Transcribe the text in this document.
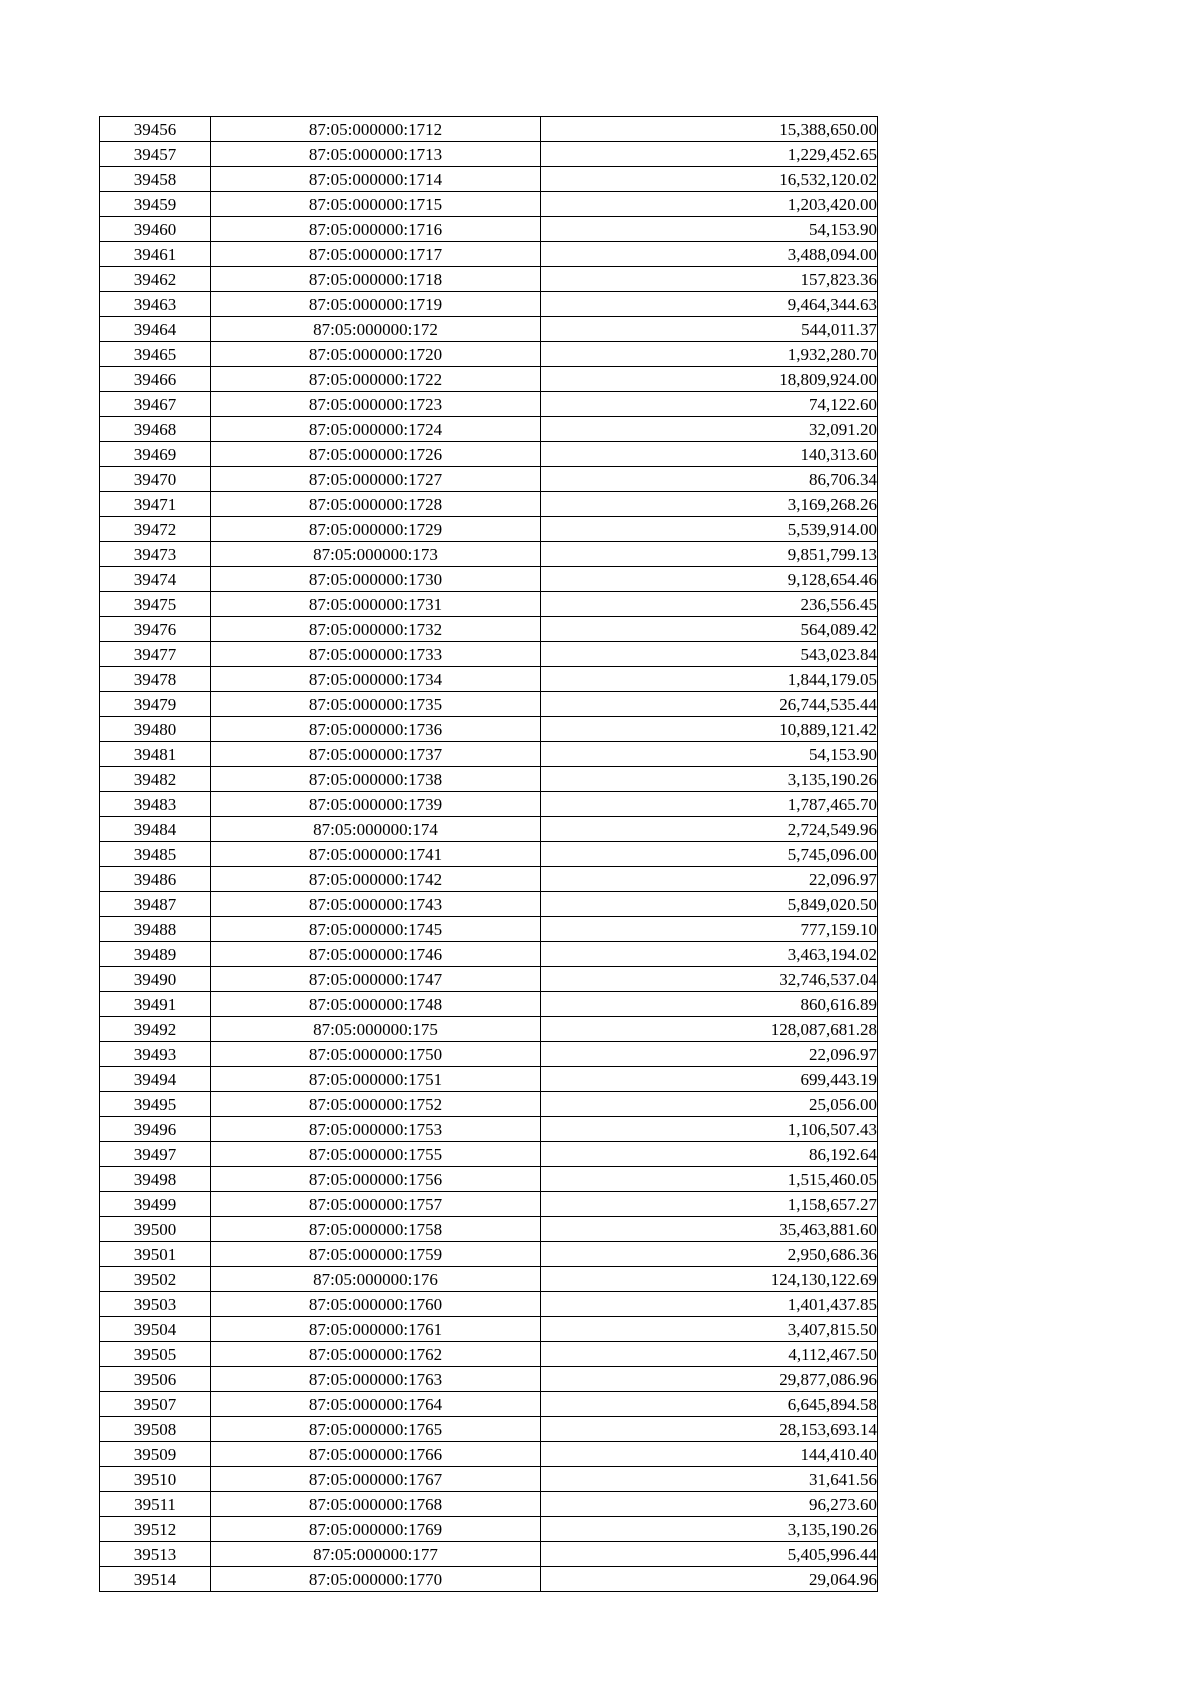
39456	87:05:000000:1712	15,388,650.00
39457	87:05:000000:1713	1,229,452.65
39458	87:05:000000:1714	16,532,120.02
39459	87:05:000000:1715	1,203,420.00
39460	87:05:000000:1716	54,153.90
39461	87:05:000000:1717	3,488,094.00
39462	87:05:000000:1718	157,823.36
39463	87:05:000000:1719	9,464,344.63
39464	87:05:000000:172	544,011.37
39465	87:05:000000:1720	1,932,280.70
39466	87:05:000000:1722	18,809,924.00
39467	87:05:000000:1723	74,122.60
39468	87:05:000000:1724	32,091.20
39469	87:05:000000:1726	140,313.60
39470	87:05:000000:1727	86,706.34
39471	87:05:000000:1728	3,169,268.26
39472	87:05:000000:1729	5,539,914.00
39473	87:05:000000:173	9,851,799.13
39474	87:05:000000:1730	9,128,654.46
39475	87:05:000000:1731	236,556.45
39476	87:05:000000:1732	564,089.42
39477	87:05:000000:1733	543,023.84
39478	87:05:000000:1734	1,844,179.05
39479	87:05:000000:1735	26,744,535.44
39480	87:05:000000:1736	10,889,121.42
39481	87:05:000000:1737	54,153.90
39482	87:05:000000:1738	3,135,190.26
39483	87:05:000000:1739	1,787,465.70
39484	87:05:000000:174	2,724,549.96
39485	87:05:000000:1741	5,745,096.00
39486	87:05:000000:1742	22,096.97
39487	87:05:000000:1743	5,849,020.50
39488	87:05:000000:1745	777,159.10
39489	87:05:000000:1746	3,463,194.02
39490	87:05:000000:1747	32,746,537.04
39491	87:05:000000:1748	860,616.89
39492	87:05:000000:175	128,087,681.28
39493	87:05:000000:1750	22,096.97
39494	87:05:000000:1751	699,443.19
39495	87:05:000000:1752	25,056.00
39496	87:05:000000:1753	1,106,507.43
39497	87:05:000000:1755	86,192.64
39498	87:05:000000:1756	1,515,460.05
39499	87:05:000000:1757	1,158,657.27
39500	87:05:000000:1758	35,463,881.60
39501	87:05:000000:1759	2,950,686.36
39502	87:05:000000:176	124,130,122.69
39503	87:05:000000:1760	1,401,437.85
39504	87:05:000000:1761	3,407,815.50
39505	87:05:000000:1762	4,112,467.50
39506	87:05:000000:1763	29,877,086.96
39507	87:05:000000:1764	6,645,894.58
39508	87:05:000000:1765	28,153,693.14
39509	87:05:000000:1766	144,410.40
39510	87:05:000000:1767	31,641.56
39511	87:05:000000:1768	96,273.60
39512	87:05:000000:1769	3,135,190.26
39513	87:05:000000:177	5,405,996.44
39514	87:05:000000:1770	29,064.96
